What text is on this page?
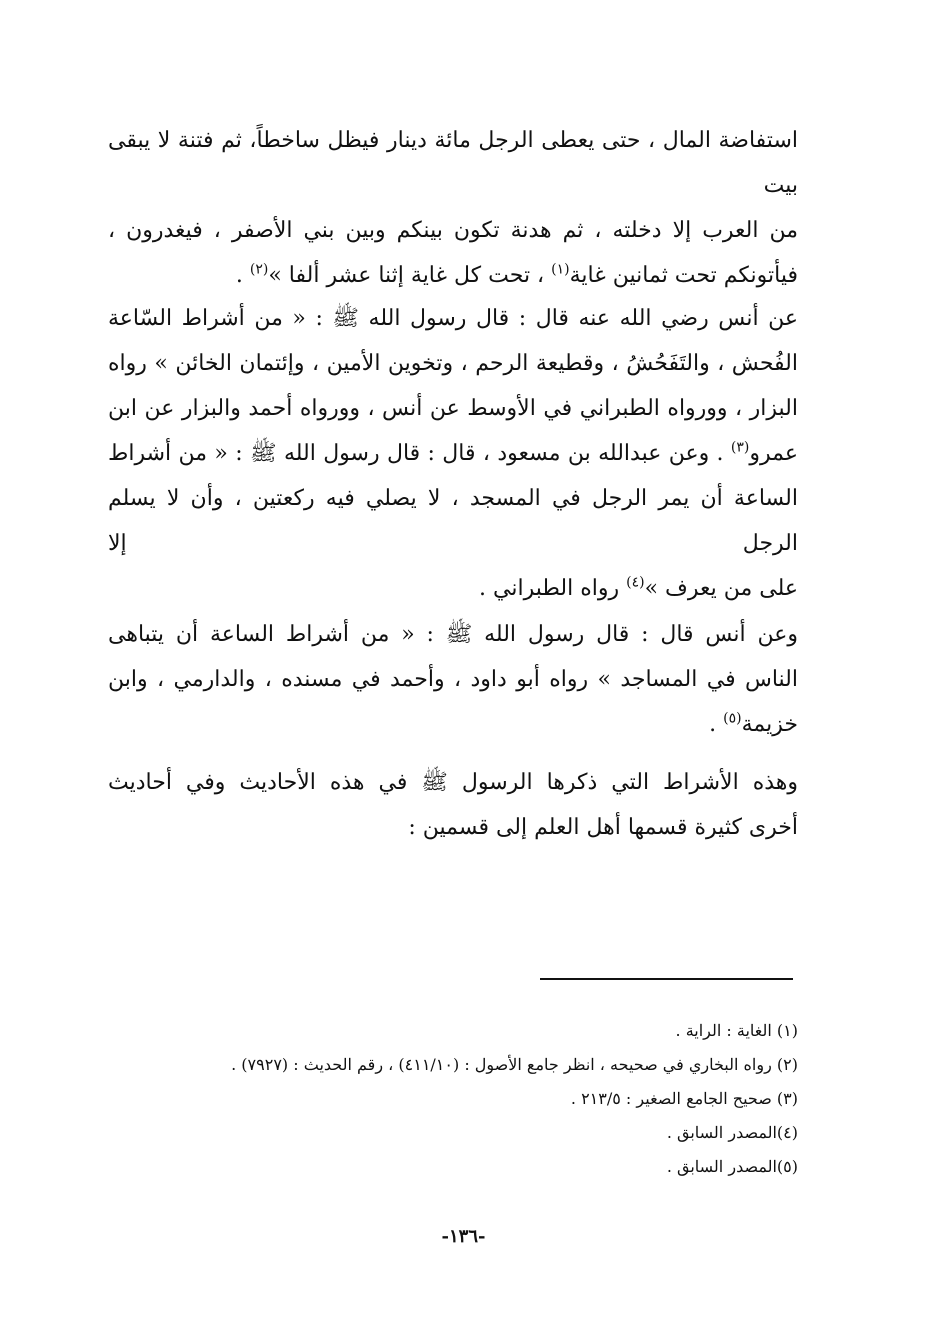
استفاضة المال ، حتى يعطى الرجل مائة دينار فيظل ساخطاً، ثم فتنة لا يبقى بيت
من العرب إلا دخلته ، ثم هدنة تكون بينكم وبين بني الأصفر ، فيغدرون ،
فيأتونكم تحت ثمانين غاية$^{(١)}$ ، تحت كل غاية إثنا عشر ألفا »$^{(٢)}$ .
عن أنس رضي الله عنه قال : قال رسول الله ﷺ : « من أشراط السّاعة
الفُحش ، والتَفَحُشُ ، وقطيعة الرحم ، وتخوين الأمين ، وإئتمان الخائن » رواه
البزار ، وورواه الطبراني في الأوسط عن أنس ، وورواه أحمد والبزار عن ابن
عمرو$^{(٣)}$ . وعن عبدالله بن مسعود ، قال : قال رسول الله ﷺ : « من أشراط
الساعة أن يمر الرجل في المسجد ، لا يصلي فيه ركعتين ، وأن لا يسلم الرجل إلا
على من يعرف »$^{(٤)}$ رواه الطبراني .
وعن أنس قال : قال رسول الله ﷺ : « من أشراط الساعة أن يتباهى
الناس في المساجد » رواه أبو داود ، وأحمد في مسنده ، والدارمي ، وابن
خزيمة$^{(٥)}$ .
وهذه الأشراط التي ذكرها الرسول ﷺ في هذه الأحاديث وفي أحاديث
أخرى كثيرة قسمها أهل العلم إلى قسمين :
(١) الغاية : الراية .
(٢) رواه البخاري في صحيحه ، انظر جامع الأصول : (٤١١/١٠) ، رقم الحديث : (٧٩٢٧) .
(٣) صحيح الجامع الصغير : ٢١٣/٥ .
(٤)المصدر السابق .
(٥)المصدر السابق .
-١٣٦-
